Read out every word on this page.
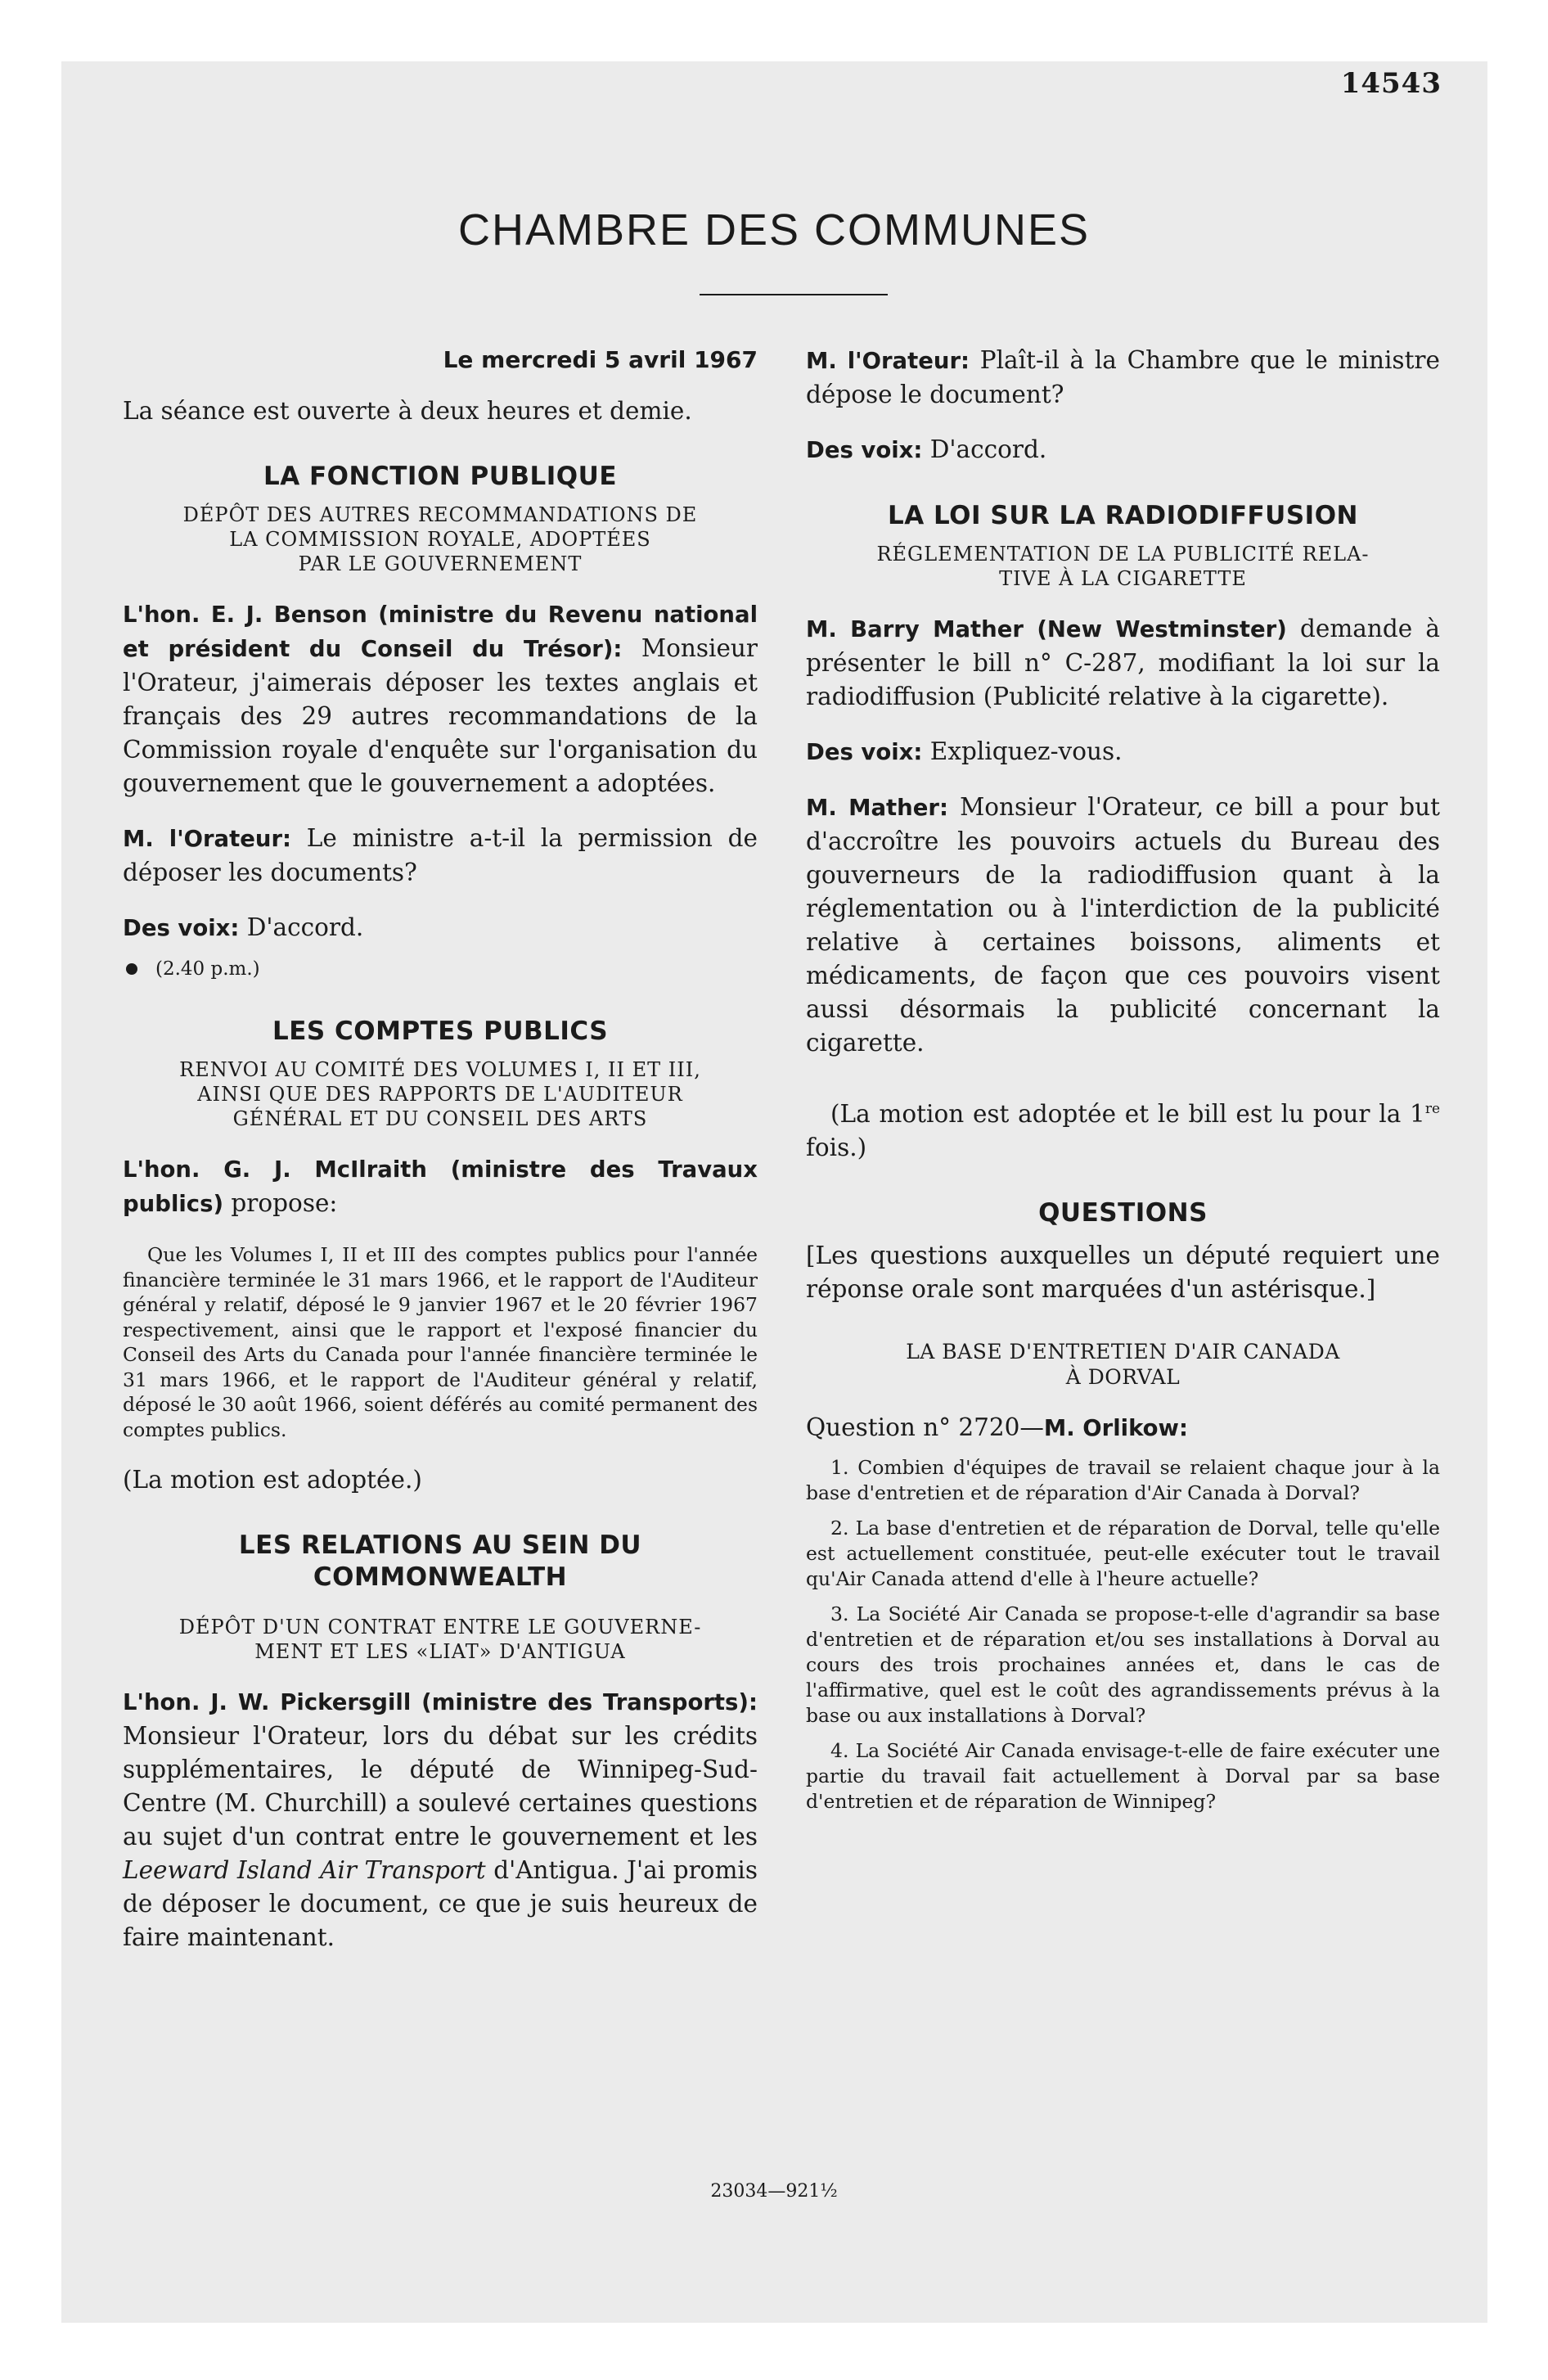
14543
CHAMBRE DES COMMUNES

Le mercredi 5 avril 1967

La séance est ouverte à deux heures et demie.

LA FONCTION PUBLIQUE

DÉPÔT DES AUTRES RECOMMANDATIONS DE

LA COMMISSION ROYALE, ADOPTÉES

PAR LE GOUVERNEMENT

L'hon. E. J. Benson (ministre du Revenu national et président du Conseil du Trésor): Monsieur l'Orateur, j'aimerais déposer les textes anglais et français des 29 autres recommandations de la Commission royale d'enquête sur l'organisation du gouvernement que le gouvernement a adoptées.

M. l'Orateur: Le ministre a-t-il la permission de déposer les documents?

Des voix: D'accord.

(2.40 p.m.)

LES COMPTES PUBLICS

RENVOI AU COMITÉ DES VOLUMES I, II ET III,

AINSI QUE DES RAPPORTS DE L'AUDITEUR

GÉNÉRAL ET DU CONSEIL DES ARTS

L'hon. G. J. McIlraith (ministre des Travaux publics) propose:

Que les Volumes I, II et III des comptes publics pour l'année financière terminée le 31 mars 1966, et le rapport de l'Auditeur général y relatif, déposé le 9 janvier 1967 et le 20 février 1967 respectivement, ainsi que le rapport et l'exposé financier du Conseil des Arts du Canada pour l'année financière terminée le 31 mars 1966, et le rapport de l'Auditeur général y relatif, déposé le 30 août 1966, soient déférés au comité permanent des comptes publics.

(La motion est adoptée.)

LES RELATIONS AU SEIN DU

COMMONWEALTH

DÉPÔT D'UN CONTRAT ENTRE LE GOUVERNE-

MENT ET LES «LIAT» D'ANTIGUA

L'hon. J. W. Pickersgill (ministre des Transports): Monsieur l'Orateur, lors du débat sur les crédits supplémentaires, le député de Winnipeg-Sud-Centre (M. Churchill) a soulevé certaines questions au sujet d'un contrat entre le gouvernement et les Leeward Island Air Transport d'Antigua. J'ai promis de déposer le document, ce que je suis heureux de faire maintenant.

M. l'Orateur: Plaît-il à la Chambre que le ministre dépose le document?

Des voix: D'accord.

LA LOI SUR LA RADIODIFFUSION

RÉGLEMENTATION DE LA PUBLICITÉ RELA-

TIVE À LA CIGARETTE

M. Barry Mather (New Westminster) demande à présenter le bill n° C-287, modifiant la loi sur la radiodiffusion (Publicité relative à la cigarette).

Des voix: Expliquez-vous.

M. Mather: Monsieur l'Orateur, ce bill a pour but d'accroître les pouvoirs actuels du Bureau des gouverneurs de la radiodiffusion quant à la réglementation ou à l'interdiction de la publicité relative à certaines boissons, aliments et médicaments, de façon que ces pouvoirs visent aussi désormais la publicité concernant la cigarette.

(La motion est adoptée et le bill est lu pour la 1re fois.)

QUESTIONS

[Les questions auxquelles un député requiert une réponse orale sont marquées d'un astérisque.]

LA BASE D'ENTRETIEN D'AIR CANADA

À DORVAL

Question n° 2720—M. Orlikow:

1. Combien d'équipes de travail se relaient chaque jour à la base d'entretien et de réparation d'Air Canada à Dorval?

2. La base d'entretien et de réparation de Dorval, telle qu'elle est actuellement constituée, peut-elle exécuter tout le travail qu'Air Canada attend d'elle à l'heure actuelle?

3. La Société Air Canada se propose-t-elle d'agrandir sa base d'entretien et de réparation et/ou ses installations à Dorval au cours des trois prochaines années et, dans le cas de l'affirmative, quel est le coût des agrandissements prévus à la base ou aux installations à Dorval?

4. La Société Air Canada envisage-t-elle de faire exécuter une partie du travail fait actuellement à Dorval par sa base d'entretien et de réparation de Winnipeg?

23034—921½
